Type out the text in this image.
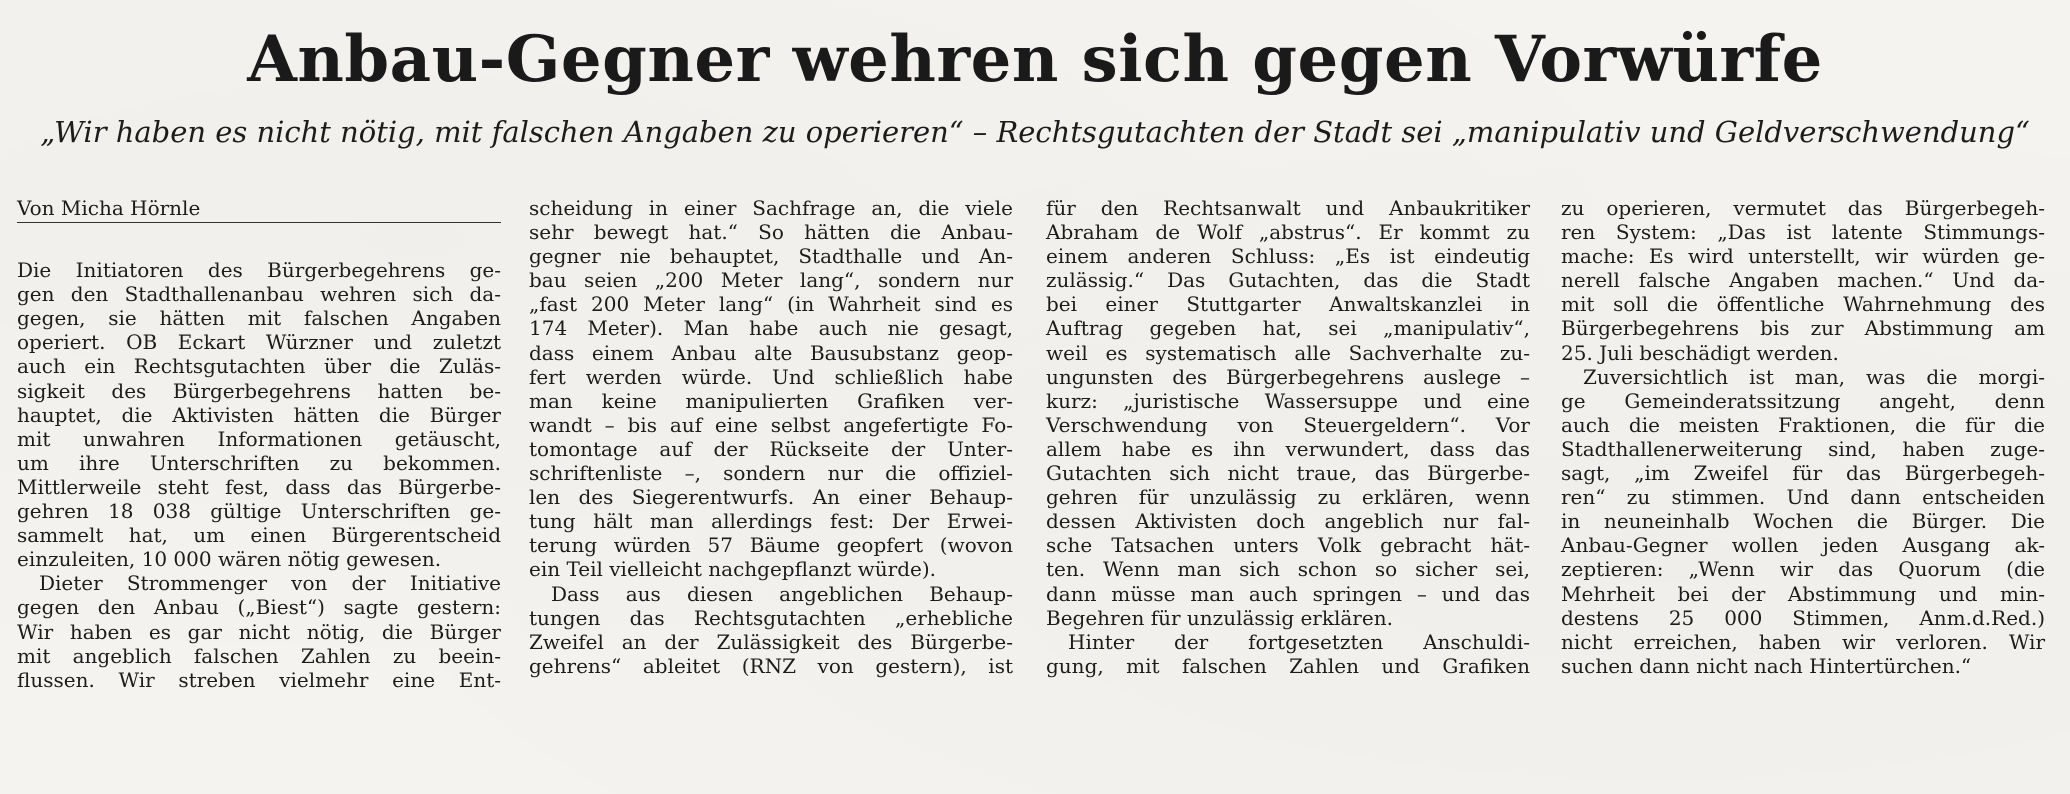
Anbau-Gegner wehren sich gegen Vorwürfe

„Wir haben es nicht nötig, mit falschen Angaben zu operieren“ – Rechtsgutachten der Stadt sei „manipulativ und Geldverschwendung“

Von Micha Hörnle
Die Initiatoren des Bürgerbegehrens ge-
gen den Stadthallenanbau wehren sich da-
gegen, sie hätten mit falschen Angaben
operiert. OB Eckart Würzner und zuletzt
auch ein Rechtsgutachten über die Zuläs-
sigkeit des Bürgerbegehrens hatten be-
hauptet, die Aktivisten hätten die Bürger
mit unwahren Informationen getäuscht,
um ihre Unterschriften zu bekommen.
Mittlerweile steht fest, dass das Bürgerbe-
gehren 18 038 gültige Unterschriften ge-
sammelt hat, um einen Bürgerentscheid
einzuleiten, 10 000 wären nötig gewesen.
Dieter Strommenger von der Initiative
gegen den Anbau („Biest“) sagte gestern:
Wir haben es gar nicht nötig, die Bürger
mit angeblich falschen Zahlen zu beein-
flussen. Wir streben vielmehr eine Ent-
scheidung in einer Sachfrage an, die viele
sehr bewegt hat.“ So hätten die Anbau-
gegner nie behauptet, Stadthalle und An-
bau seien „200 Meter lang“, sondern nur
„fast 200 Meter lang“ (in Wahrheit sind es
174 Meter). Man habe auch nie gesagt,
dass einem Anbau alte Bausubstanz geop-
fert werden würde. Und schließlich habe
man keine manipulierten Grafiken ver-
wandt – bis auf eine selbst angefertigte Fo-
tomontage auf der Rückseite der Unter-
schriftenliste –, sondern nur die offiziel-
len des Siegerentwurfs. An einer Behaup-
tung hält man allerdings fest: Der Erwei-
terung würden 57 Bäume geopfert (wovon
ein Teil vielleicht nachgepflanzt würde).
Dass aus diesen angeblichen Behaup-
tungen das Rechtsgutachten „erhebliche
Zweifel an der Zulässigkeit des Bürgerbe-
gehrens“ ableitet (RNZ von gestern), ist
für den Rechtsanwalt und Anbaukritiker
Abraham de Wolf „abstrus“. Er kommt zu
einem anderen Schluss: „Es ist eindeutig
zulässig.“ Das Gutachten, das die Stadt
bei einer Stuttgarter Anwaltskanzlei in
Auftrag gegeben hat, sei „manipulativ“,
weil es systematisch alle Sachverhalte zu-
ungunsten des Bürgerbegehrens auslege –
kurz: „juristische Wassersuppe und eine
Verschwendung von Steuergeldern“. Vor
allem habe es ihn verwundert, dass das
Gutachten sich nicht traue, das Bürgerbe-
gehren für unzulässig zu erklären, wenn
dessen Aktivisten doch angeblich nur fal-
sche Tatsachen unters Volk gebracht hät-
ten. Wenn man sich schon so sicher sei,
dann müsse man auch springen – und das
Begehren für unzulässig erklären.
Hinter der fortgesetzten Anschuldi-
gung, mit falschen Zahlen und Grafiken
zu operieren, vermutet das Bürgerbegeh-
ren System: „Das ist latente Stimmungs-
mache: Es wird unterstellt, wir würden ge-
nerell falsche Angaben machen.“ Und da-
mit soll die öffentliche Wahrnehmung des
Bürgerbegehrens bis zur Abstimmung am
25. Juli beschädigt werden.
Zuversichtlich ist man, was die morgi-
ge Gemeinderatssitzung angeht, denn
auch die meisten Fraktionen, die für die
Stadthallenerweiterung sind, haben zuge-
sagt, „im Zweifel für das Bürgerbegeh-
ren“ zu stimmen. Und dann entscheiden
in neuneinhalb Wochen die Bürger. Die
Anbau-Gegner wollen jeden Ausgang ak-
zeptieren: „Wenn wir das Quorum (die
Mehrheit bei der Abstimmung und min-
destens 25 000 Stimmen, Anm.d.Red.)
nicht erreichen, haben wir verloren. Wir
suchen dann nicht nach Hintertürchen.“
